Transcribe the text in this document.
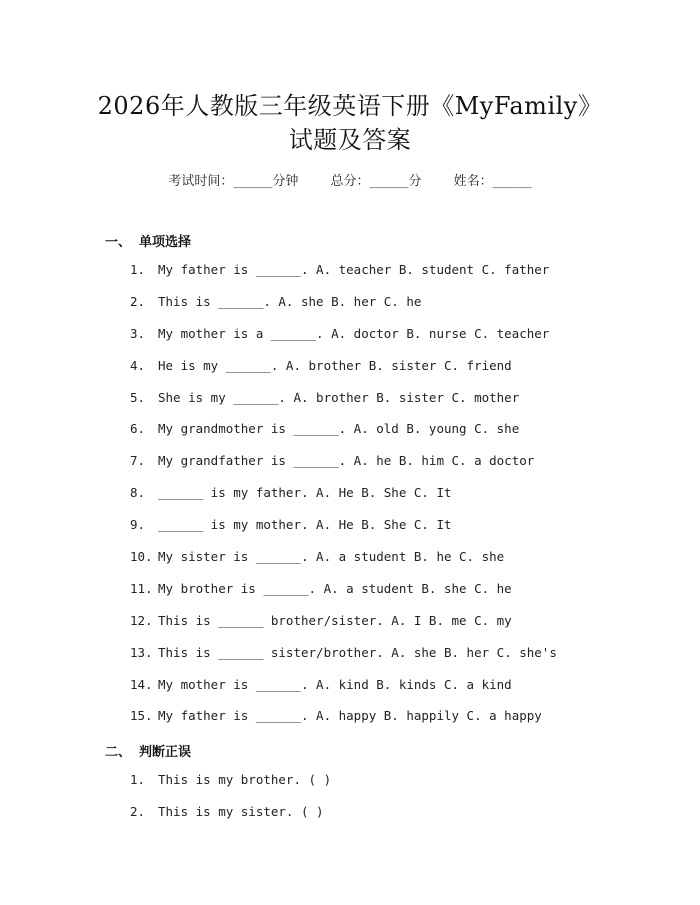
2026年人教版三年级英语下册《MyFamily》
试题及答案
考试时间：______分钟 总分：______分 姓名：______
一、 单项选择
1. My father is ______. A. teacher B. student C. father
2. This is ______. A. she B. her C. he
3. My mother is a ______. A. doctor B. nurse C. teacher
4. He is my ______. A. brother B. sister C. friend
5. She is my ______. A. brother B. sister C. mother
6. My grandmother is ______. A. old B. young C. she
7. My grandfather is ______. A. he B. him C. a doctor
8. ______ is my father. A. He B. She C. It
9. ______ is my mother. A. He B. She C. It
10. My sister is ______. A. a student B. he C. she
11. My brother is ______. A. a student B. she C. he
12. This is ______ brother/sister. A. I B. me C. my
13. This is ______ sister/brother. A. she B. her C. she's
14. My mother is ______. A. kind B. kinds C. a kind
15. My father is ______. A. happy B. happily C. a happy
二、 判断正误
1. This is my brother. ( )
2. This is my sister. ( )
